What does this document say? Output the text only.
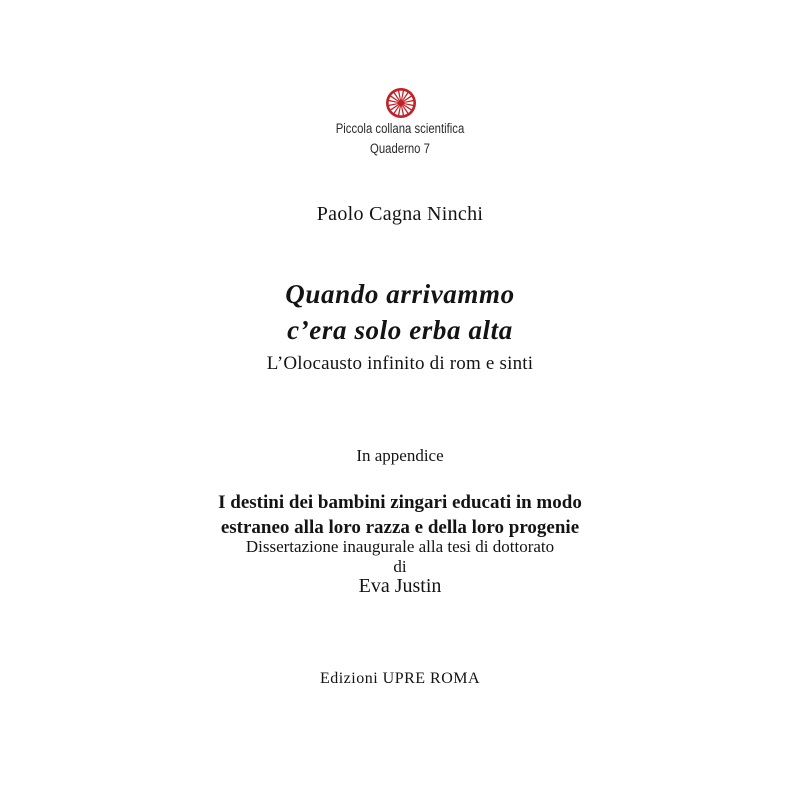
Piccola collana scientifica
Quaderno 7
Paolo Cagna Ninchi
Quando arrivammo
c’era solo erba alta
L’Olocausto infinito di rom e sinti
In appendice
I destini dei bambini zingari educati in modo
estraneo alla loro razza e della loro progenie
Dissertazione inaugurale alla tesi di dottorato
di
Eva Justin
Edizioni UPRE ROMA
